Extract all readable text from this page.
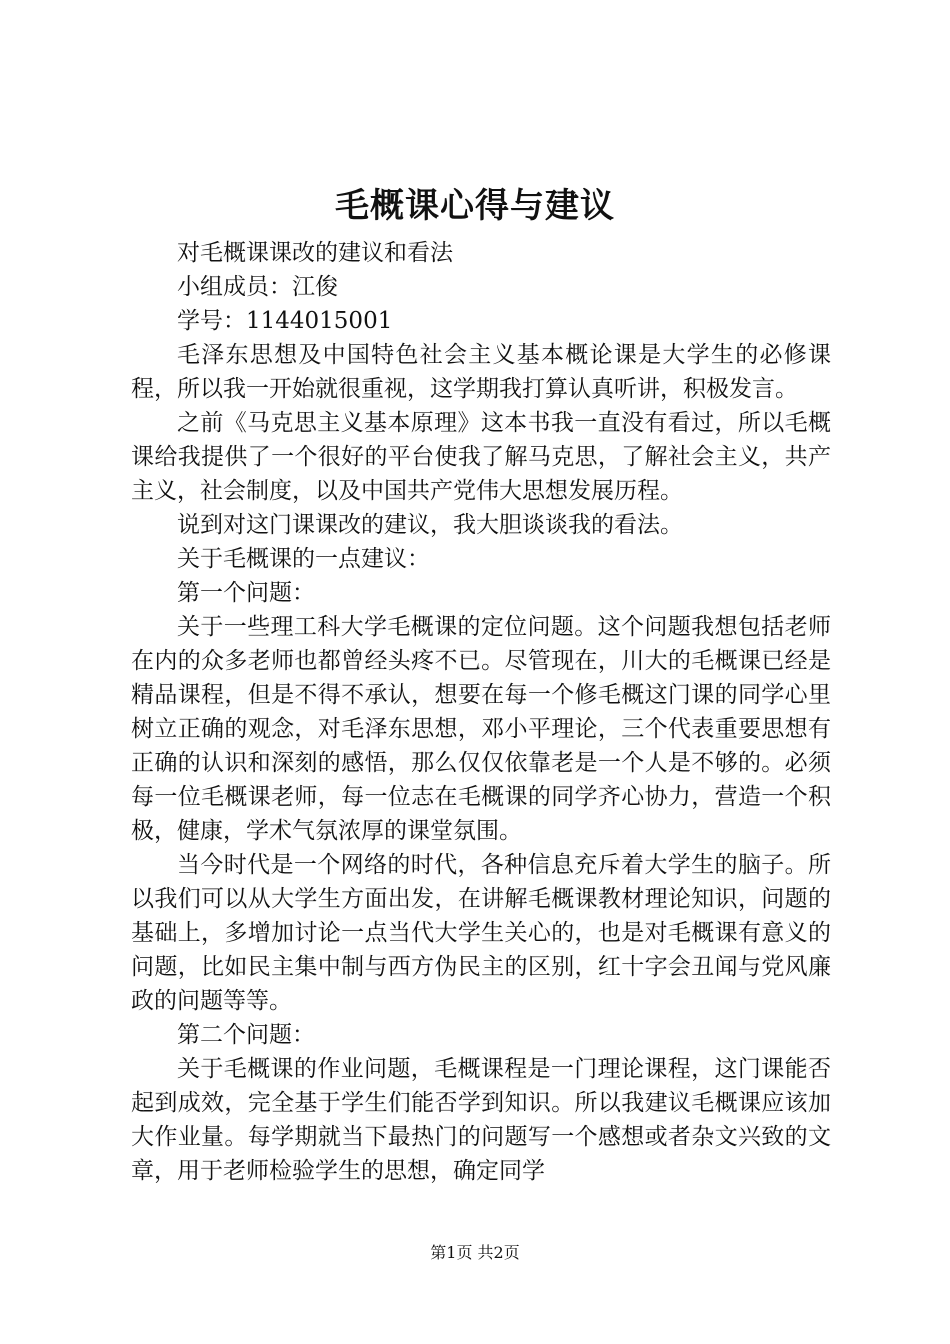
毛概课心得与建议

对毛概课课改的建议和看法

小组成员：江俊

学号：1144015001

毛泽东思想及中国特色社会主义基本概论课是大学生的必修课程，所以我一开始就很重视，这学期我打算认真听讲，积极发言。

之前《马克思主义基本原理》这本书我一直没有看过，所以毛概课给我提供了一个很好的平台使我了解马克思，了解社会主义，共产主义，社会制度，以及中国共产党伟大思想发展历程。

说到对这门课课改的建议，我大胆谈谈我的看法。

关于毛概课的一点建议：

第一个问题：

关于一些理工科大学毛概课的定位问题。这个问题我想包括老师在内的众多老师也都曾经头疼不已。尽管现在，川大的毛概课已经是精品课程，但是不得不承认，想要在每一个修毛概这门课的同学心里树立正确的观念，对毛泽东思想，邓小平理论，三个代表重要思想有正确的认识和深刻的感悟，那么仅仅依靠老是一个人是不够的。必须每一位毛概课老师，每一位志在毛概课的同学齐心协力，营造一个积极，健康，学术气氛浓厚的课堂氛围。

当今时代是一个网络的时代，各种信息充斥着大学生的脑子。所以我们可以从大学生方面出发，在讲解毛概课教材理论知识，问题的基础上，多增加讨论一点当代大学生关心的，也是对毛概课有意义的问题，比如民主集中制与西方伪民主的区别，红十字会丑闻与党风廉政的问题等等。

第二个问题：

关于毛概课的作业问题，毛概课程是一门理论课程，这门课能否起到成效，完全基于学生们能否学到知识。所以我建议毛概课应该加大作业量。每学期就当下最热门的问题写一个感想或者杂文兴致的文章，用于老师检验学生的思想，确定同学

第1页 共2页
